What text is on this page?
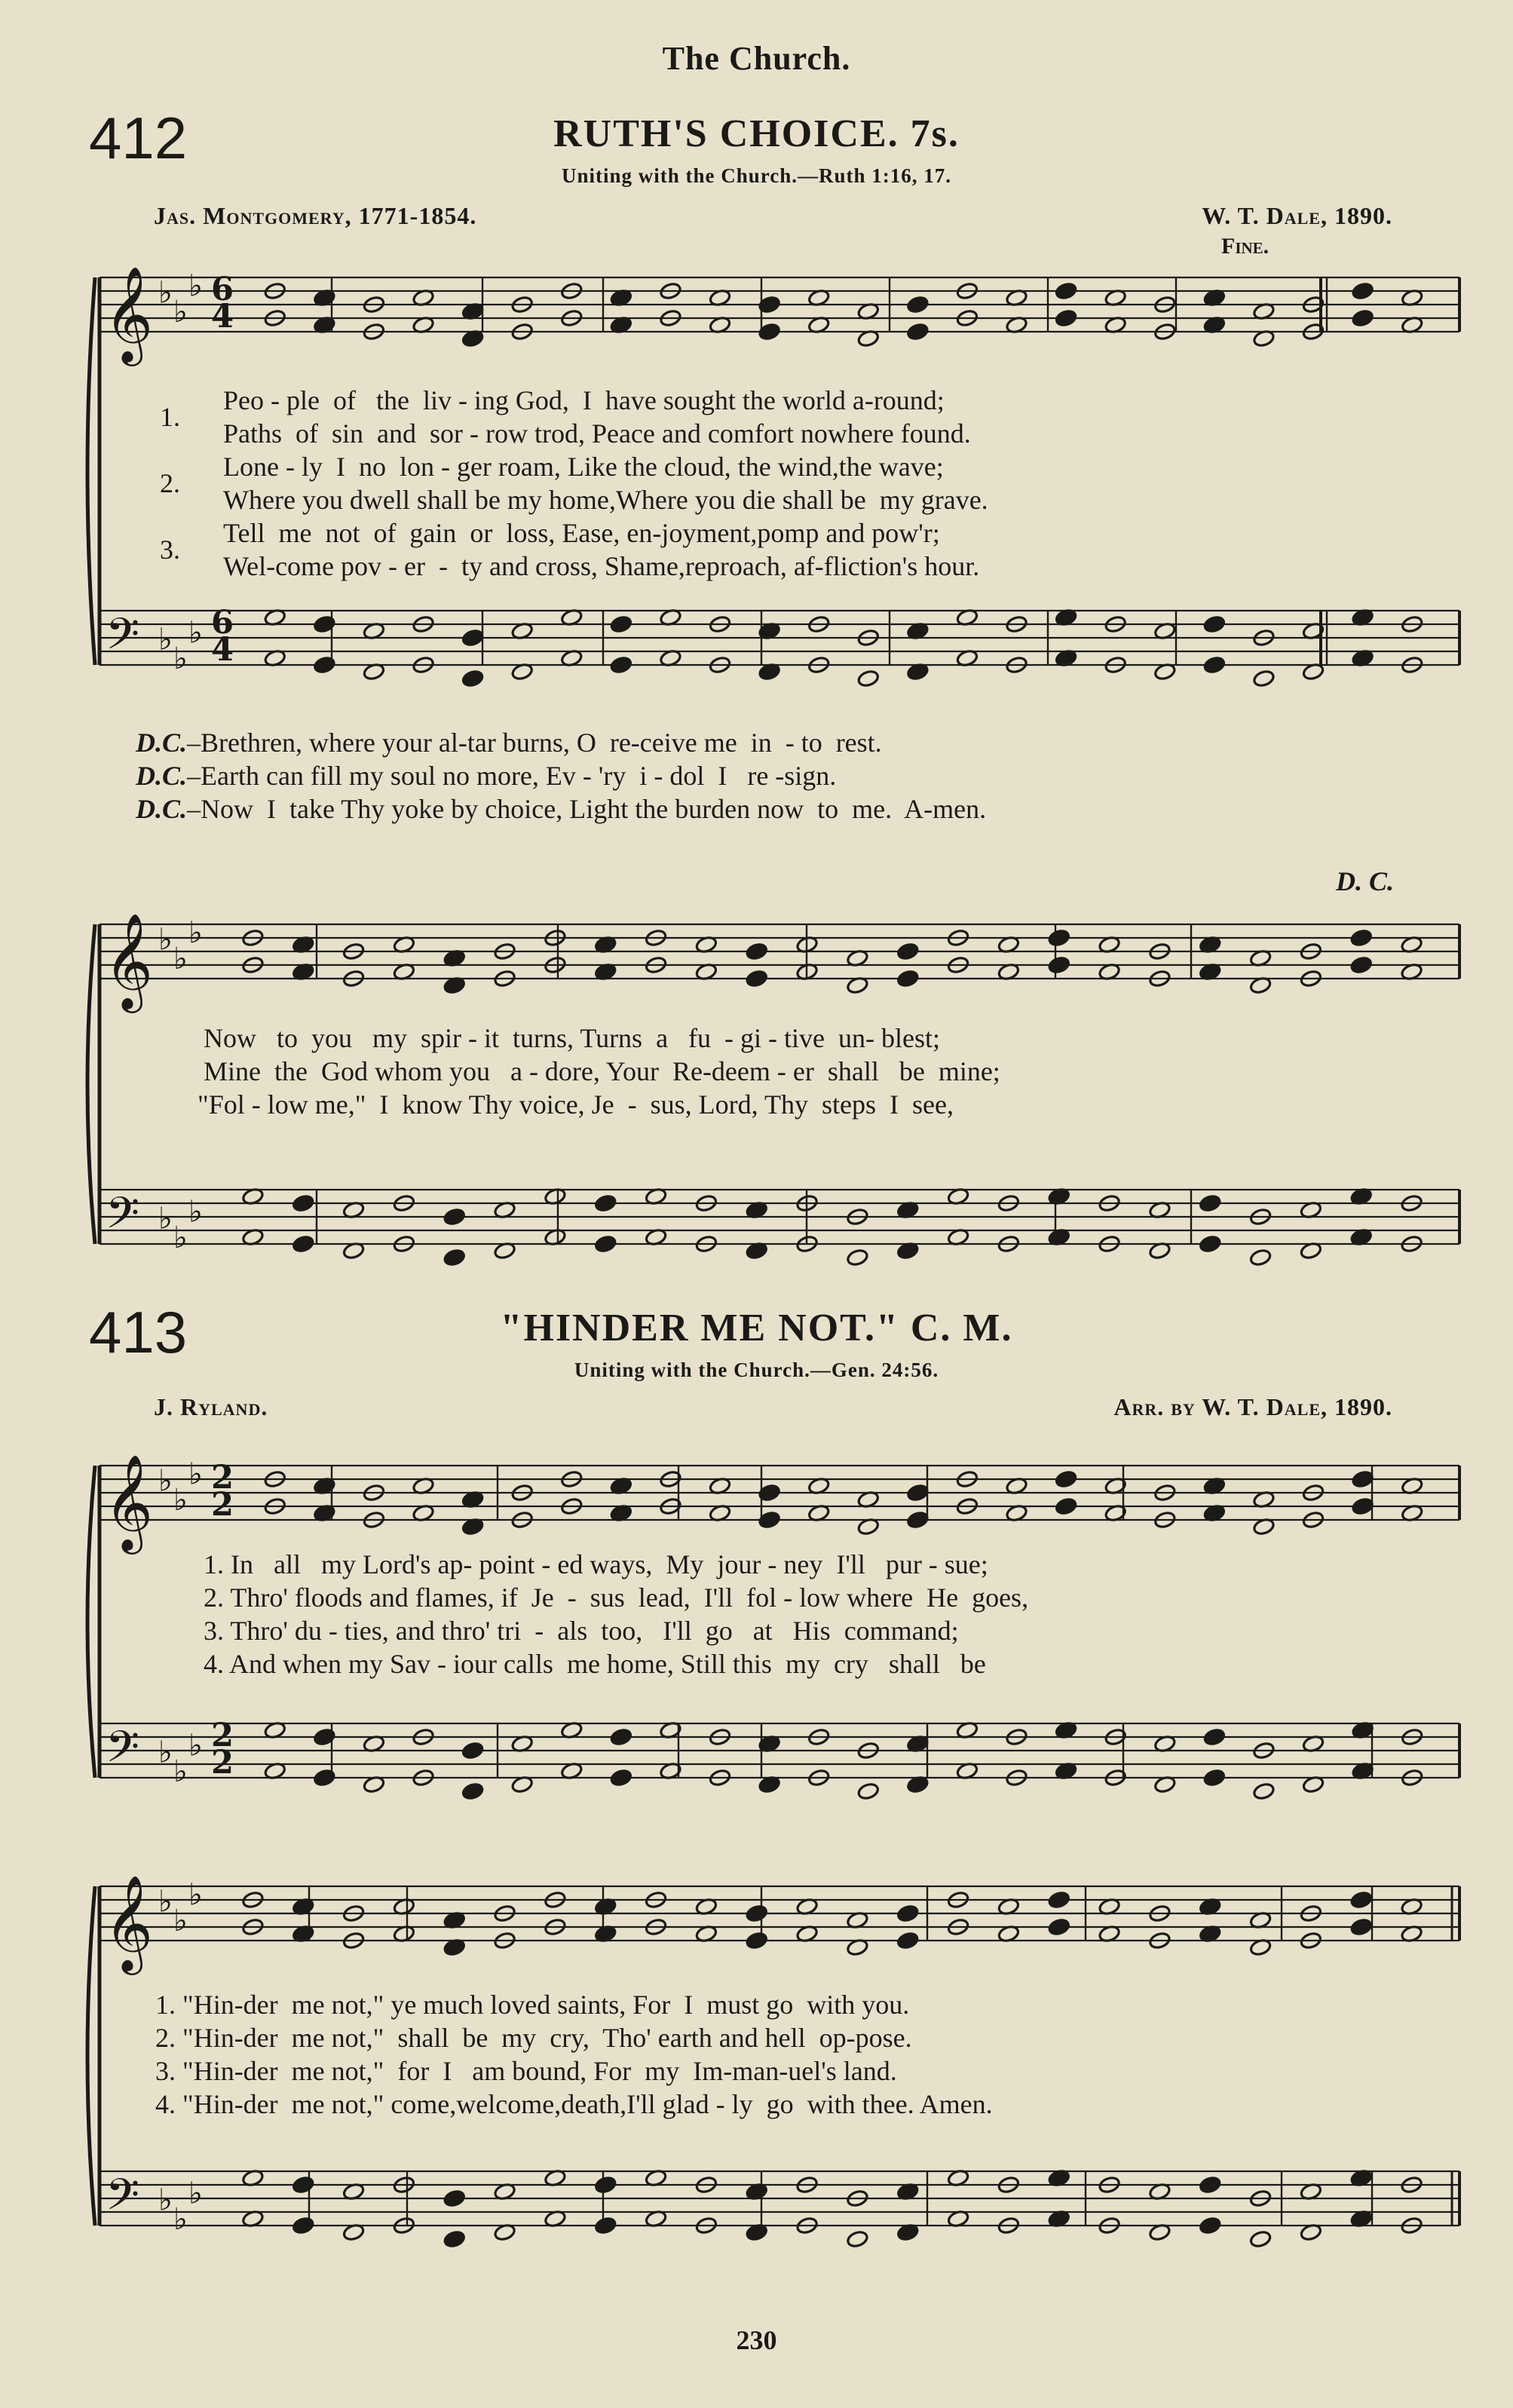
The Church.
412	RUTH'S CHOICE. 7s.
Uniting with the Church.—Ruth 1:16, 17.
Jas. Montgomery, 1771-1854.	W. T. Dale, 1890.
Fine.
1.
Peo - ple  of   the  liv - ing God,  I  have sought the world a-round;
Paths  of  sin  and  sor - row trod, Peace and comfort nowhere found.
2.
Lone - ly  I  no  lon - ger roam, Like the cloud, the wind,the wave;
Where you dwell shall be my home,Where you die shall be  my grave.
3.
Tell  me  not  of  gain  or  loss, Ease, en-joyment,pomp and pow'r;
Wel-come pov - er  -  ty and cross, Shame,reproach, af-fliction's hour.
D.C.–Brethren, where your al-tar burns, O  re-ceive me  in  - to  rest.
D.C.–Earth can fill my soul no more, Ev - 'ry  i - dol  I   re -sign.
D.C.–Now  I  take Thy yoke by choice, Light the burden now  to  me.  A-men.
D. C.
Now   to  you   my  spir - it  turns, Turns  a   fu  - gi - tive  un- blest;
Mine  the  God whom you   a - dore, Your  Re-deem - er  shall   be  mine;
"Fol - low me,"  I  know Thy voice, Je  -  sus, Lord, Thy  steps  I  see,
413	"HINDER ME NOT." C. M.
Uniting with the Church.—Gen. 24:56.
J. Ryland.	Arr. by W. T. Dale, 1890.
1. In   all   my Lord's ap- point - ed ways,  My  jour - ney  I'll   pur - sue;
2. Thro' floods and flames, if  Je  -  sus  lead,  I'll  fol - low where  He  goes,
3. Thro' du - ties, and thro' tri  -  als  too,   I'll  go   at   His  command;
4. And when my Sav - iour calls  me home, Still this  my  cry   shall   be
1. "Hin-der  me not," ye much loved saints, For  I  must go  with you.
2. "Hin-der  me not,"  shall  be  my  cry,  Tho' earth and hell  op-pose.
3. "Hin-der  me not,"  for  I   am bound, For  my  Im-man-uel's land.
4. "Hin-der  me not," come,welcome,death,I'll glad - ly  go  with thee. Amen.
230
𝄞
𝄢
♭
♭
♭
♭
♭
♭
6
4
6
4
𝄞
𝄢
♭
♭
♭
♭
♭
♭
𝄞
𝄢
♭
♭
♭
♭
♭
♭
2
2
2
2
𝄞
𝄢
♭
♭
♭
♭
♭
♭
